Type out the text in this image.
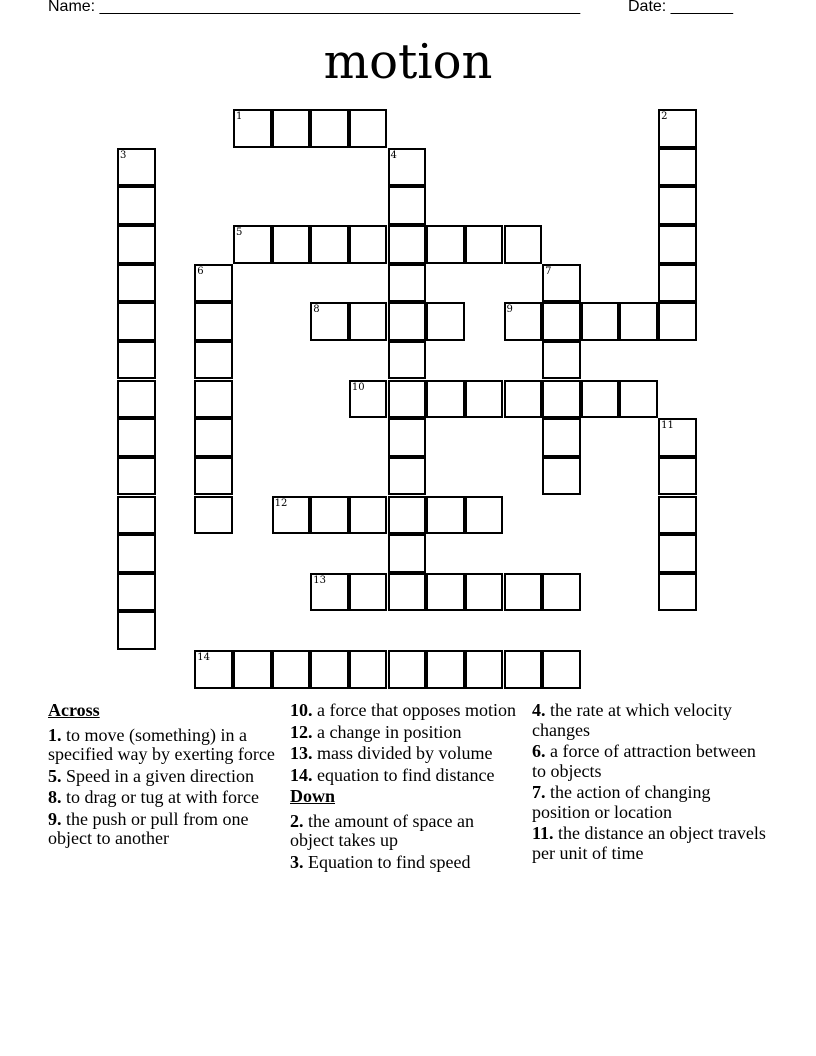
Name: ______________________________________________________	Date: _______
motion
1	2
3	4
5
6	7
8	9
10
11
12
13
14
Across
1. to move (something) in a specified way by exerting force
5. Speed in a given direction
8. to drag or tug at with force
9. the push or pull from one object to another
10. a force that opposes motion
12. a change in position
13. mass divided by volume
14. equation to find distance
Down
2. the amount of space an object takes up
3. Equation to find speed
4. the rate at which velocity changes
6. a force of attraction between to objects
7. the action of changing position or location
11. the distance an object travels per unit of time
